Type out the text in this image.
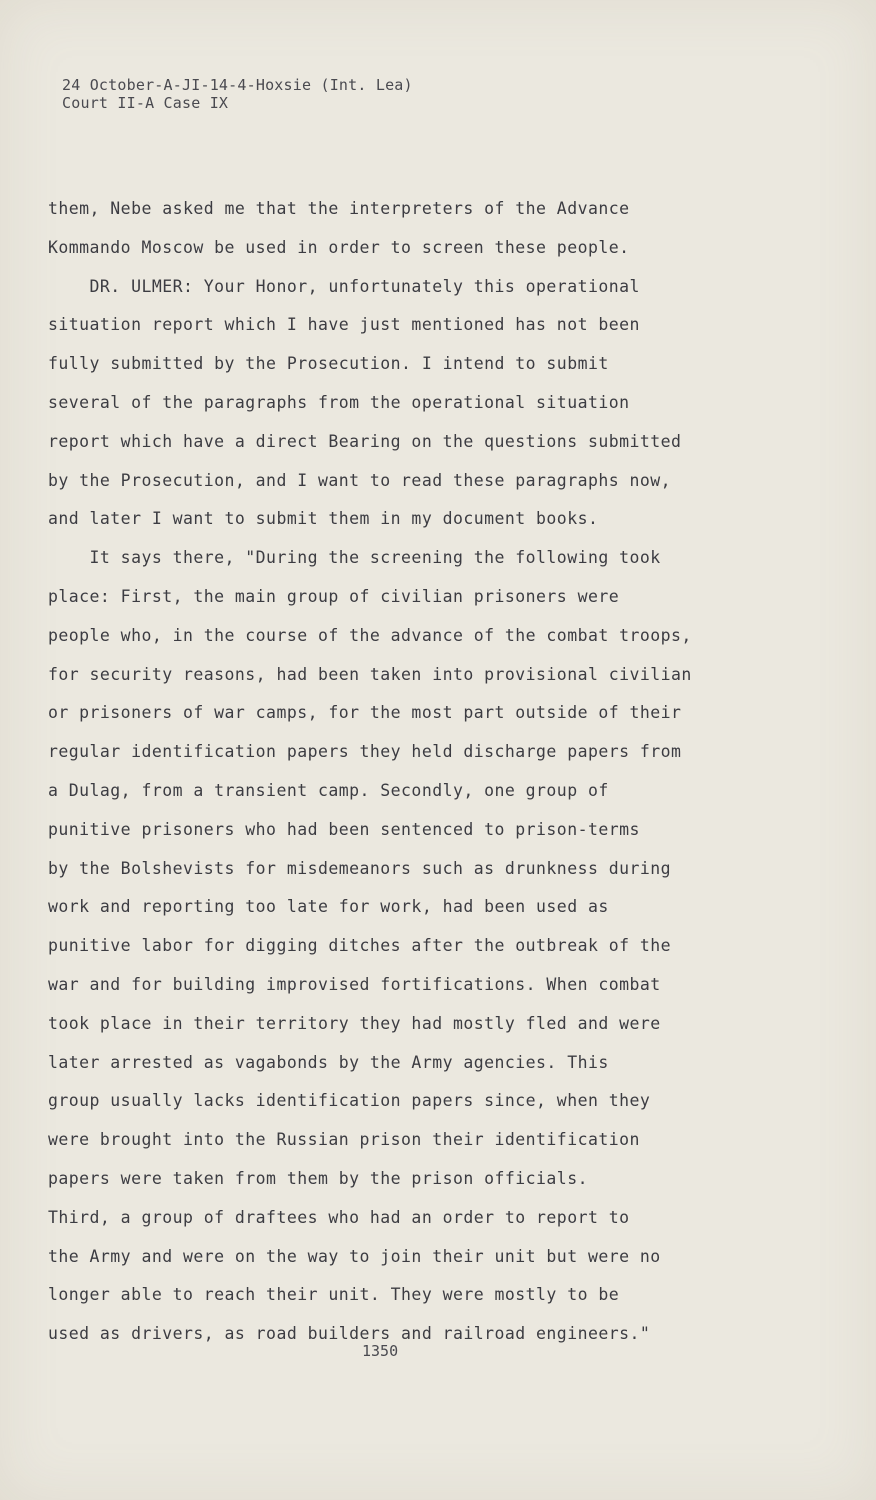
24 October-A-JI-14-4-Hoxsie (Int. Lea)
Court II-A Case IX
them, Nebe asked me that the interpreters of the Advance
Kommando Moscow be used in order to screen these people.
DR. ULMER: Your Honor, unfortunately this operational
situation report which I have just mentioned has not been
fully submitted by the Prosecution. I intend to submit
several of the paragraphs from the operational situation
report which have a direct Bearing on the questions submitted
by the Prosecution, and I want to read these paragraphs now,
and later I want to submit them in my document books.
It says there, "During the screening the following took
place: First, the main group of civilian prisoners were
people who, in the course of the advance of the combat troops,
for security reasons, had been taken into provisional civilian
or prisoners of war camps, for the most part outside of their
regular identification papers they held discharge papers from
a Dulag, from a transient camp. Secondly, one group of
punitive prisoners who had been sentenced to prison-terms
by the Bolshevists for misdemeanors such as drunkness during
work and reporting too late for work, had been used as
punitive labor for digging ditches after the outbreak of the
war and for building improvised fortifications. When combat
took place in their territory they had mostly fled and were
later arrested as vagabonds by the Army agencies. This
group usually lacks identification papers since, when they
were brought into the Russian prison their identification
papers were taken from them by the prison officials.
Third, a group of draftees who had an order to report to
the Army and were on the way to join their unit but were no
longer able to reach their unit. They were mostly to be
used as drivers, as road builders and railroad engineers."
1350
